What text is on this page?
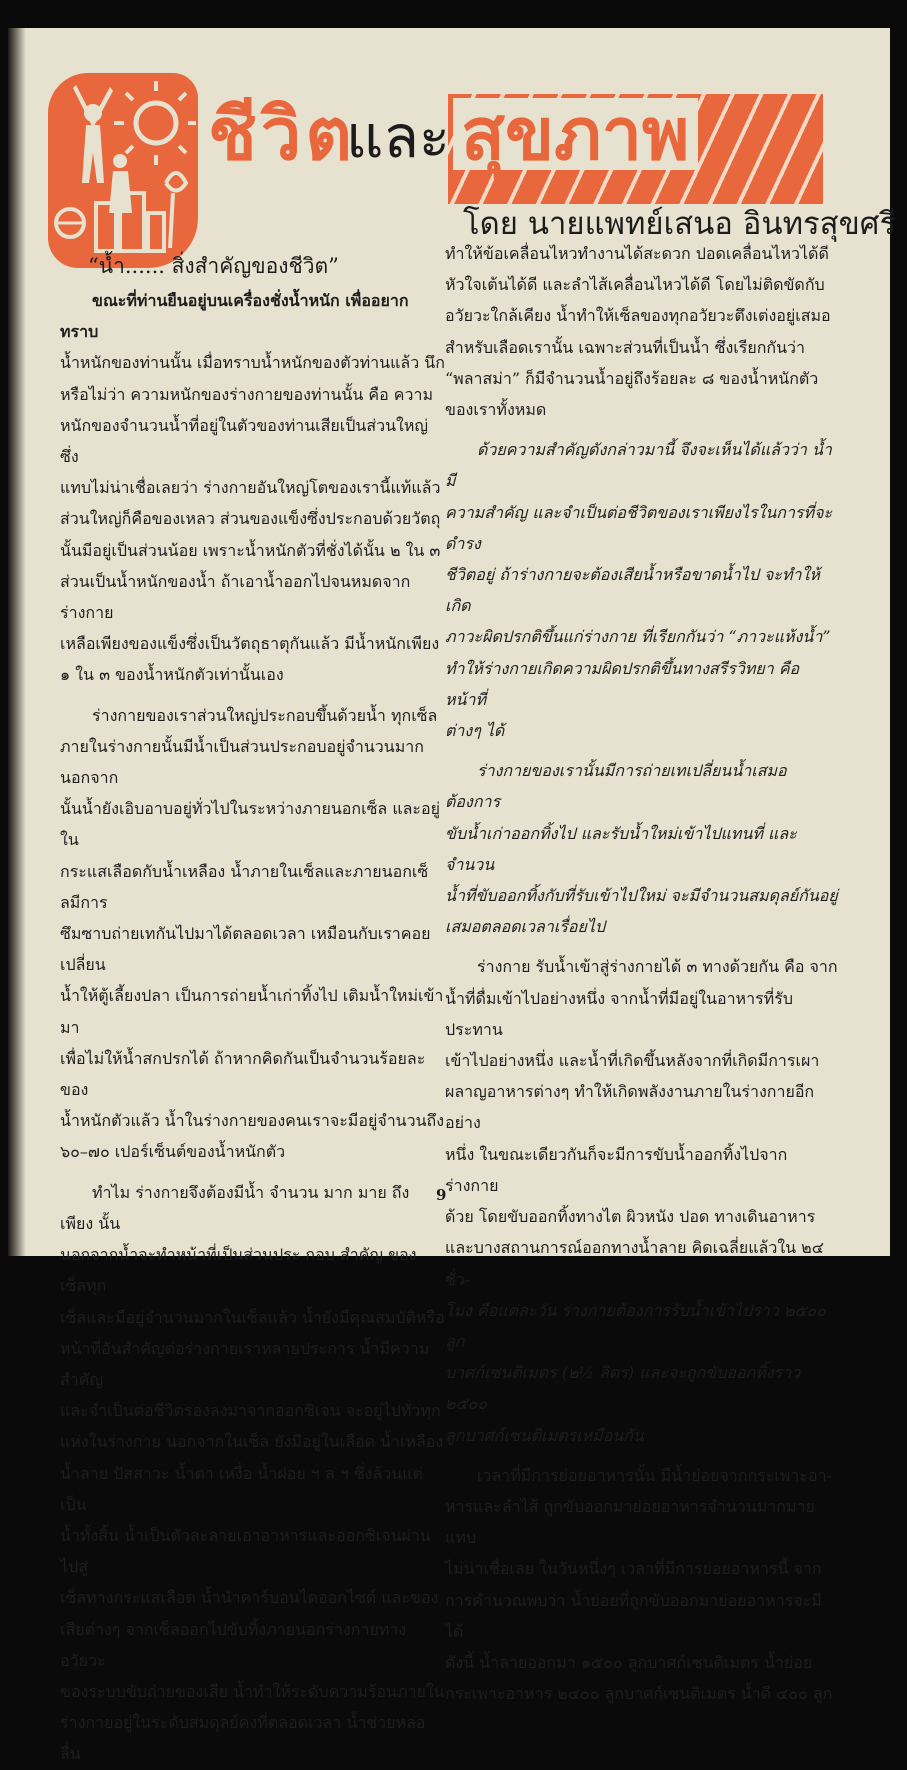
ชีวิต
และ สุขภาพ
โดย นายแพทย์เสนอ อินทรสุขศรี
“น้ำ...... สิ่งสำคัญของชีวิต”

ขณะที่ท่านยืนอยู่บนเครื่องชั่งน้ำหนัก เพื่ออยากทราบ

น้ำหนักของท่านนั้น เมื่อทราบน้ำหนักของตัวท่านแล้ว นึก

หรือไม่ว่า ความหนักของร่างกายของท่านนั้น คือ ความ

หนักของจำนวนน้ำที่อยู่ในตัวของท่านเสียเป็นส่วนใหญ่ ซึ่ง

แทบไม่น่าเชื่อเลยว่า ร่างกายอันใหญ่โตของเรานี้แท้แล้ว

ส่วนใหญ่ก็คือของเหลว ส่วนของแข็งซึ่งประกอบด้วยวัตถุ

นั้นมีอยู่เป็นส่วนน้อย เพราะน้ำหนักตัวที่ชั่งได้นั้น ๒ ใน ๓

ส่วนเป็นน้ำหนักของน้ำ ถ้าเอาน้ำออกไปจนหมดจากร่างกาย

เหลือเพียงของแข็งซึ่งเป็นวัตถุธาตุกันแล้ว มีน้ำหนักเพียง

๑ ใน ๓ ของน้ำหนักตัวเท่านั้นเอง

ร่างกายของเราส่วนใหญ่ประกอบขึ้นด้วยน้ำ ทุกเซ็ล

ภายในร่างกายนั้นมีน้ำเป็นส่วนประกอบอยู่จำนวนมาก นอกจาก

นั้นน้ำยังเอิบอาบอยู่ทั่วไปในระหว่างภายนอกเซ็ล และอยู่ใน

กระแสเลือดกับน้ำเหลือง น้ำภายในเซ็ลและภายนอกเซ็ลมีการ

ซึมซาบถ่ายเทกันไปมาได้ตลอดเวลา เหมือนกับเราคอยเปลี่ยน

น้ำให้ตู้เลี้ยงปลา เป็นการถ่ายน้ำเก่าทิ้งไป เติมน้ำใหม่เข้ามา

เพื่อไม่ให้น้ำสกปรกได้ ถ้าหากคิดกันเป็นจำนวนร้อยละของ

น้ำหนักตัวแล้ว น้ำในร่างกายของคนเราจะมีอยู่จำนวนถึง

๖๐–๗๐ เปอร์เซ็นต์ของน้ำหนักตัว

ทำไม ร่างกายจึงต้องมีน้ำ จำนวน มาก มาย ถึง เพียง นั้น

นอกจากน้ำจะทำหน้าที่เป็นส่วนประ กอบ สำคัญ ของ เซ็ลทุก

เซ็ลและมีอยู่จำนวนมากในเซ็ลแล้ว น้ำยังมีคุณสมบัติหรือ

หน้าที่อันสำคัญต่อร่างกายเราหลายประการ น้ำมีความสำคัญ

และจำเป็นต่อชีวิตรองลงมาจากออกซิเจน จะอยู่ไปทั่วทุก

แห่งในร่างกาย นอกจากในเซ็ล ยังมีอยู่ในเลือด น้ำเหลือง

น้ำลาย ปัสสาวะ น้ำตา เหงื่อ น้ำฝอย ฯ ล ฯ ซึ่งล้วนแต่เป็น

น้ำทั้งสิ้น น้ำเป็นตัวละลายเอาอาหารและออกซิเจนผ่านไปสู่

เซ็ลทางกระแสเลือด น้ำนำคาร์บอนไดออกไซด์ และของ

เสียต่างๆ จากเซ็ลออกไปขับทิ้งภายนอกร่างกายทางอวัยวะ

ของระบบขับถ่ายของเสีย น้ำทำให้ระดับความร้อนภายใน

ร่างกายอยู่ในระดับสมดุลย์คงที่ตลอดเวลา น้ำช่วยหล่อลื่น

ทำให้ข้อเคลื่อนไหวทำงานได้สะดวก ปอดเคลื่อนไหวได้ดี

หัวใจเต้นได้ดี และลำไส้เคลื่อนไหวได้ดี โดยไม่ติดขัดกับ

อวัยวะใกล้เคียง น้ำทำให้เซ็ลของทุกอวัยวะตึงเต่งอยู่เสมอ

สำหรับเลือดเรานั้น เฉพาะส่วนที่เป็นน้ำ ซึ่งเรียกกันว่า

“พลาสม่า” ก็มีจำนวนน้ำอยู่ถึงร้อยละ ๘ ของน้ำหนักตัว

ของเราทั้งหมด

ด้วยความสำคัญดังกล่าวมานี้ จึงจะเห็นได้แล้วว่า น้ำมี

ความสำคัญ และจำเป็นต่อชีวิตของเราเพียงไรในการที่จะดำรง

ชีวิตอยู่ ถ้าร่างกายจะต้องเสียน้ำหรือขาดน้ำไป จะทำให้เกิด

ภาวะผิดปรกติขึ้นแก่ร่างกาย ที่เรียกกันว่า “ภาวะแห้งน้ำ”

ทำให้ร่างกายเกิดความผิดปรกติขึ้นทางสรีรวิทยา คือ หน้าที่

ต่างๆ ได้

ร่างกายของเรานั้นมีการถ่ายเทเปลี่ยนน้ำเสมอ ต้องการ

ขับน้ำเก่าออกทิ้งไป และรับน้ำใหม่เข้าไปแทนที่ และจำนวน

น้ำที่ขับออกทิ้งกับที่รับเข้าไปใหม่ จะมีจำนวนสมดุลย์กันอยู่

เสมอตลอดเวลาเรื่อยไป

ร่างกาย รับน้ำเข้าสู่ร่างกายได้ ๓ ทางด้วยกัน คือ จาก

น้ำที่ดื่มเข้าไปอย่างหนึ่ง จากน้ำที่มีอยู่ในอาหารที่รับประทาน

เข้าไปอย่างหนึ่ง และน้ำที่เกิดขึ้นหลังจากที่เกิดมีการเผา

ผลาญอาหารต่างๆ ทำให้เกิดพลังงานภายในร่างกายอีกอย่าง

หนึ่ง ในขณะเดียวกันก็จะมีการขับน้ำออกทิ้งไปจากร่างกาย

ด้วย โดยขับออกทิ้งทางไต ผิวหนัง ปอด ทางเดินอาหาร

และบางสถานการณ์ออกทางน้ำลาย คิดเฉลี่ยแล้วใน ๒๔ ชั่ว-

โมง คือแต่ละวัน ร่างกายต้องการรับน้ำเข้าไปราว ๒๕๐๐ ลูก

บาศก์เซนติเมตร (๒½ ลิตร) และจะถูกขับออกทิ้งราว ๒๕๐๐

ลูกบาศก์เซนติเมตรเหมือนกัน

เวลาที่มีการย่อยอาหารนั้น มีน้ำย่อยจากกระเพาะอา-

หารและลำไส้ ถูกขับออกมาย่อยอาหารจำนวนมากมายแทบ

ไม่น่าเชื่อเลย ในวันหนึ่งๆ เวลาที่มีการย่อยอาหารนี้ จาก

การคำนวณพบว่า น้ำย่อยที่ถูกขับออกมาย่อยอาหารจะมีได้

ดังนี้ น้ำลายออกมา ๑๕๐๐ ลูกบาศก์เซนติเมตร น้ำย่อย

กระเพาะอาหาร ๒๔๐๐ ลูกบาศก์เซนติเมตร น้ำดี ๔๐๐ ลูก

9
